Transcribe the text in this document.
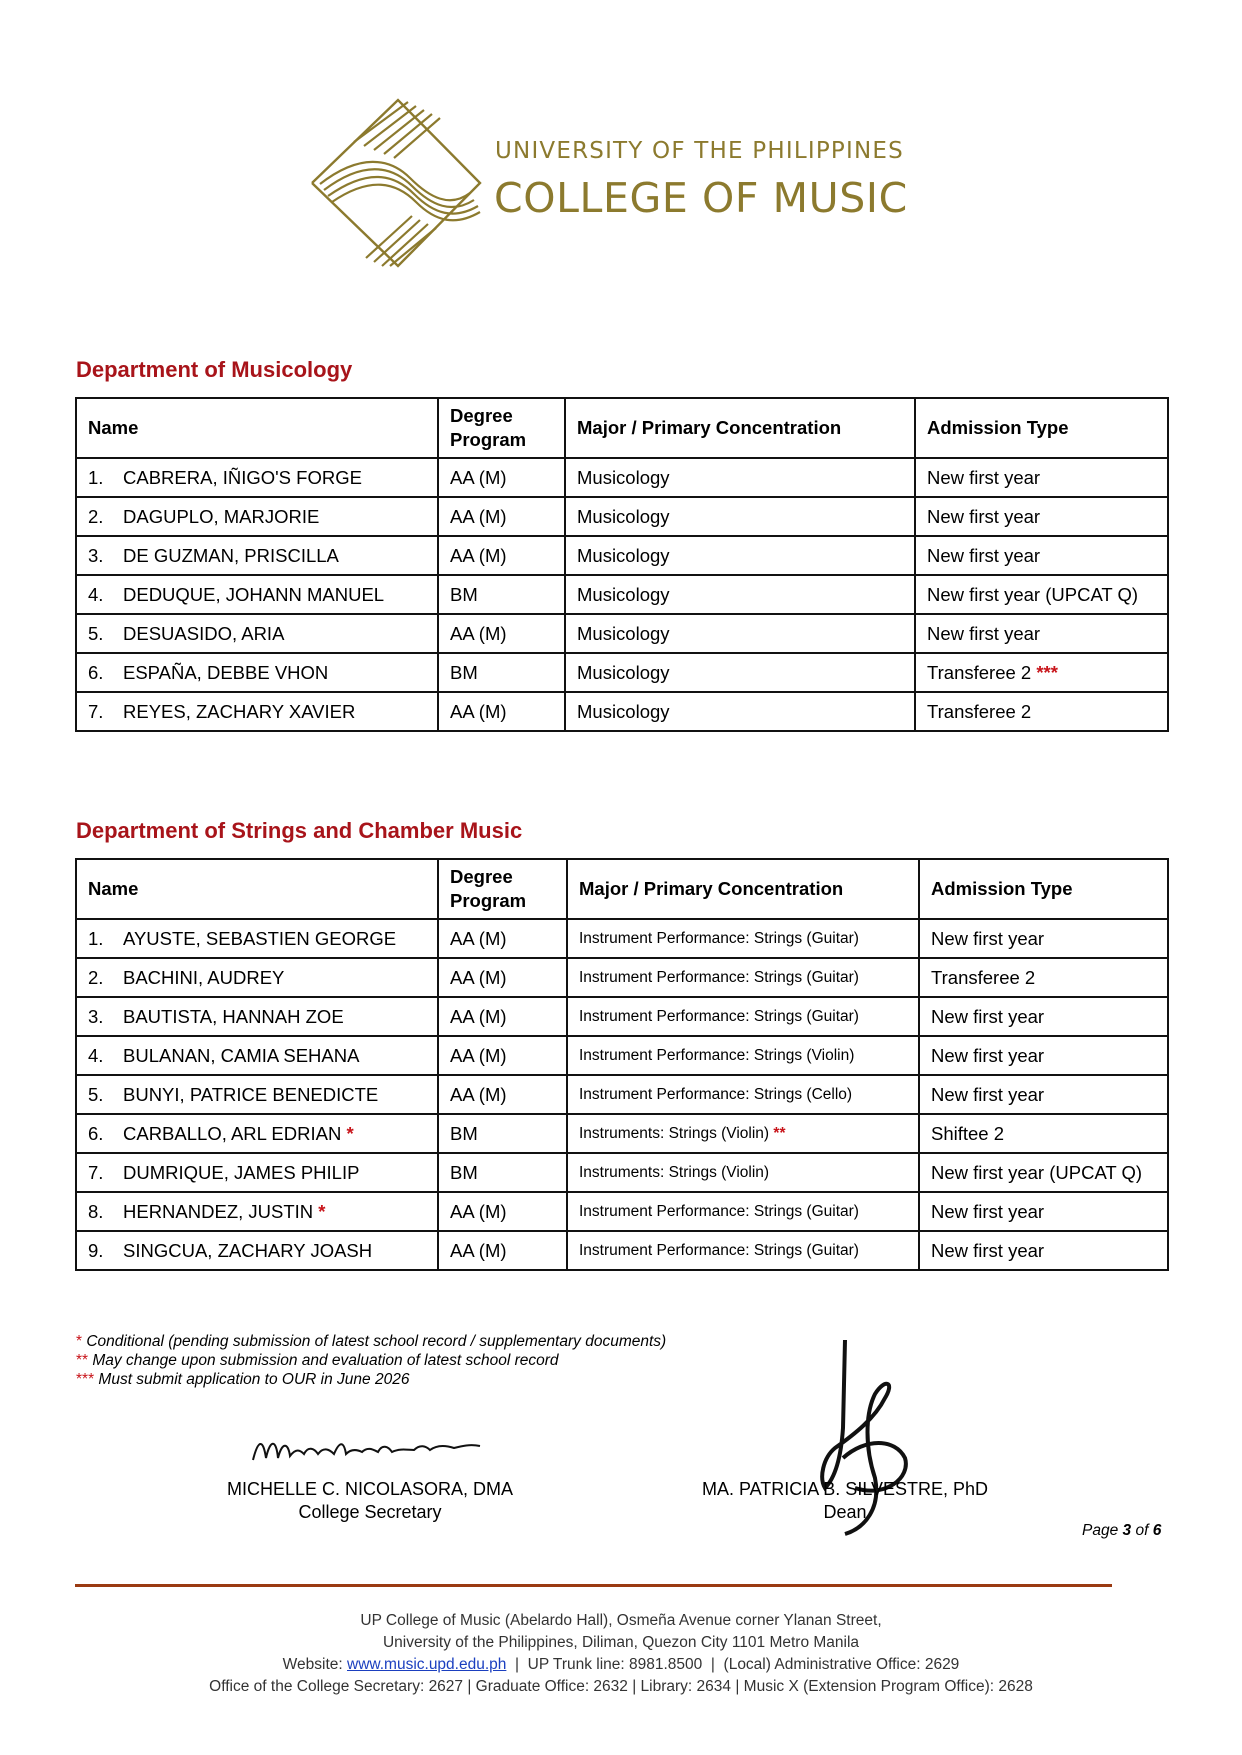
UNIVERSITY OF THE PHILIPPINES
COLLEGE OF MUSIC
Department of Musicology
Name	Degree Program	Major / Primary Concentration	Admission Type
1. CABRERA, IÑIGO'S FORGE	AA (M)	Musicology	New first year
2. DAGUPLO, MARJORIE	AA (M)	Musicology	New first year
3. DE GUZMAN, PRISCILLA	AA (M)	Musicology	New first year
4. DEDUQUE, JOHANN MANUEL	BM	Musicology	New first year (UPCAT Q)
5. DESUASIDO, ARIA	AA (M)	Musicology	New first year
6. ESPAÑA, DEBBE VHON	BM	Musicology	Transferee 2 ***
7. REYES, ZACHARY XAVIER	AA (M)	Musicology	Transferee 2
Department of Strings and Chamber Music
Name	Degree Program	Major / Primary Concentration	Admission Type
1. AYUSTE, SEBASTIEN GEORGE	AA (M)	Instrument Performance: Strings (Guitar)	New first year
2. BACHINI, AUDREY	AA (M)	Instrument Performance: Strings (Guitar)	Transferee 2
3. BAUTISTA, HANNAH ZOE	AA (M)	Instrument Performance: Strings (Guitar)	New first year
4. BULANAN, CAMIA SEHANA	AA (M)	Instrument Performance: Strings (Violin)	New first year
5. BUNYI, PATRICE BENEDICTE	AA (M)	Instrument Performance: Strings (Cello)	New first year
6. CARBALLO, ARL EDRIAN *	BM	Instruments: Strings (Violin) **	Shiftee 2
7. DUMRIQUE, JAMES PHILIP	BM	Instruments: Strings (Violin)	New first year (UPCAT Q)
8. HERNANDEZ, JUSTIN *	AA (M)	Instrument Performance: Strings (Guitar)	New first year
9. SINGCUA, ZACHARY JOASH	AA (M)	Instrument Performance: Strings (Guitar)	New first year
* Conditional (pending submission of latest school record / supplementary documents)
** May change upon submission and evaluation of latest school record
*** Must submit application to OUR in June 2026
MICHELLE C. NICOLASORA, DMA
College Secretary
MA. PATRICIA B. SILVESTRE, PhD
Dean
Page 3 of 6
UP College of Music (Abelardo Hall), Osmeña Avenue corner Ylanan Street,
University of the Philippines, Diliman, Quezon City 1101 Metro Manila
Website: www.music.upd.edu.ph  |  UP Trunk line: 8981.8500  |  (Local) Administrative Office: 2629
Office of the College Secretary: 2627 | Graduate Office: 2632 | Library: 2634 | Music X (Extension Program Office): 2628
